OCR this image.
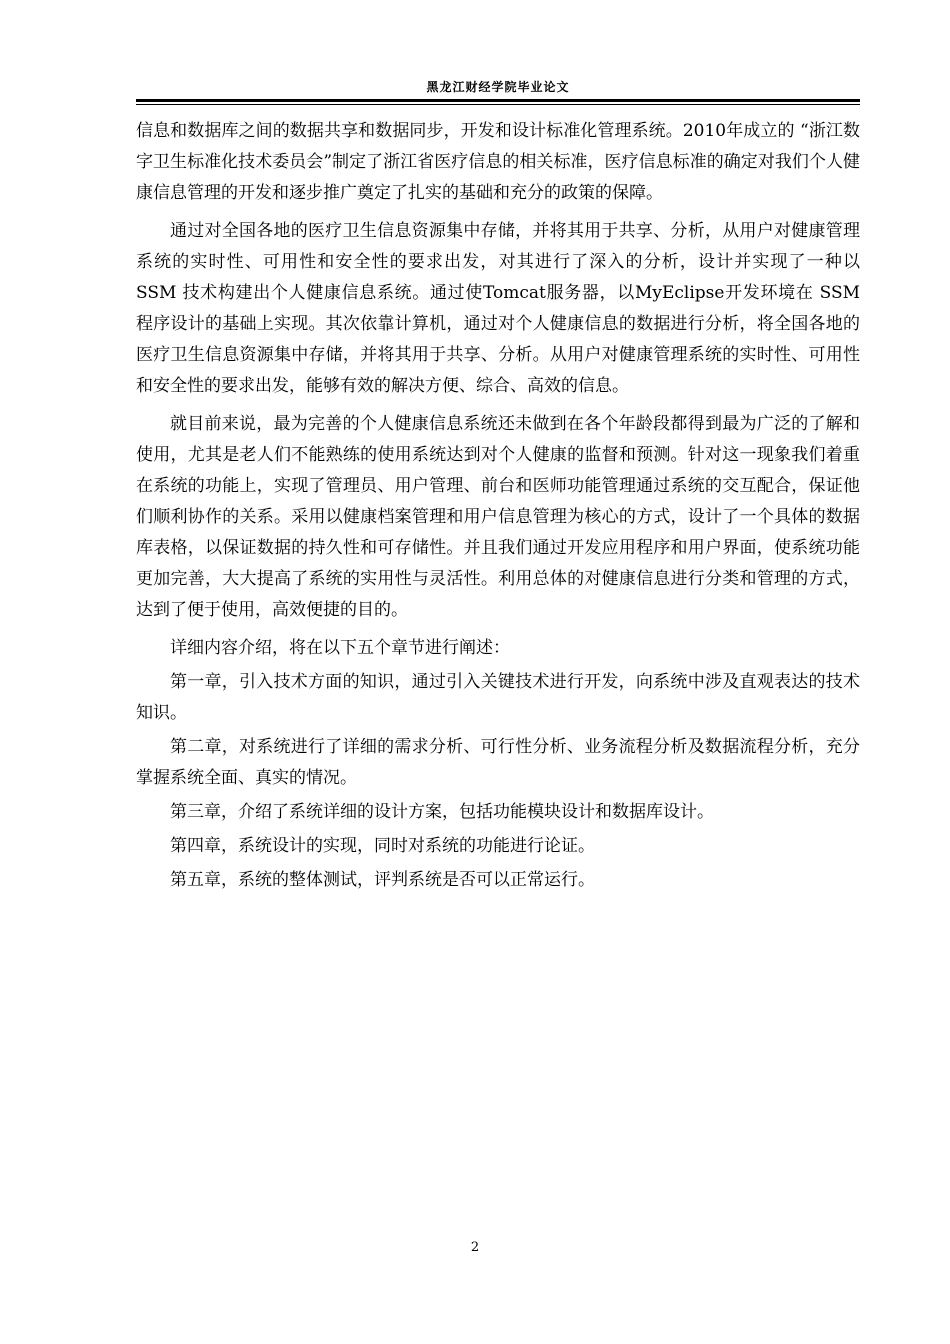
黑龙江财经学院毕业论文

信息和数据库之间的数据共享和数据同步，开发和设计标准化管理系统。2010年成立的 “浙江数字卫生标准化技术委员会”制定了浙江省医疗信息的相关标准，医疗信息标准的确定对我们个人健康信息管理的开发和逐步推广奠定了扎实的基础和充分的政策的保障。

通过对全国各地的医疗卫生信息资源集中存储，并将其用于共享、分析，从用户对健康管理系统的实时性、可用性和安全性的要求出发，对其进行了深入的分析，设计并实现了一种以 SSM 技术构建出个人健康信息系统。通过使Tomcat服务器，以MyEclipse开发环境在 SSM 程序设计的基础上实现。其次依靠计算机，通过对个人健康信息的数据进行分析，将全国各地的医疗卫生信息资源集中存储，并将其用于共享、分析。从用户对健康管理系统的实时性、可用性和安全性的要求出发，能够有效的解决方便、综合、高效的信息。

就目前来说，最为完善的个人健康信息系统还未做到在各个年龄段都得到最为广泛的了解和使用，尤其是老人们不能熟练的使用系统达到对个人健康的监督和预测。针对这一现象我们着重在系统的功能上，实现了管理员、用户管理、前台和医师功能管理通过系统的交互配合，保证他们顺利协作的关系。采用以健康档案管理和用户信息管理为核心的方式，设计了一个具体的数据库表格，以保证数据的持久性和可存储性。并且我们通过开发应用程序和用户界面，使系统功能更加完善，大大提高了系统的实用性与灵活性。利用总体的对健康信息进行分类和管理的方式，达到了便于使用，高效便捷的目的。

详细内容介绍，将在以下五个章节进行阐述：

第一章，引入技术方面的知识，通过引入关键技术进行开发，向系统中涉及直观表达的技术知识。

第二章，对系统进行了详细的需求分析、可行性分析、业务流程分析及数据流程分析，充分掌握系统全面、真实的情况。

第三章，介绍了系统详细的设计方案，包括功能模块设计和数据库设计。

第四章，系统设计的实现，同时对系统的功能进行论证。

第五章，系统的整体测试，评判系统是否可以正常运行。

2
